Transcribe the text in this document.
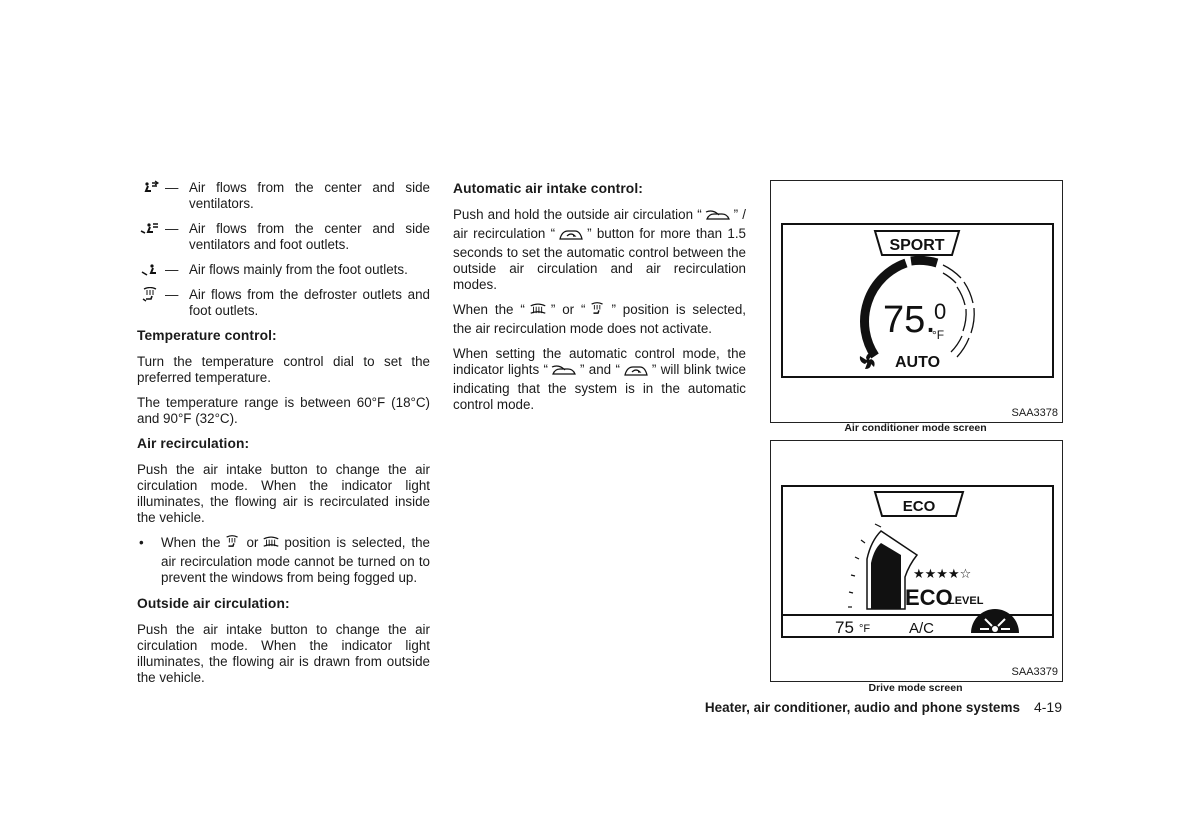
— Air flows from the center and side ventilators.

— Air flows from the center and side ventilators and foot outlets.

— Air flows mainly from the foot outlets.

— Air flows from the defroster outlets and foot outlets.

Temperature control:

Turn the temperature control dial to set the preferred temperature.

The temperature range is between 60°F (18°C) and 90°F (32°C).

Air recirculation:

Push the air intake button to change the air circulation mode. When the indicator light illuminates, the flowing air is recirculated inside the vehicle.

• When the or position is selected, the air recirculation mode cannot be turned on to prevent the windows from being fogged up.

Outside air circulation:

Push the air intake button to change the air circulation mode. When the indicator light illuminates, the flowing air is drawn from outside the vehicle.

Automatic air intake control:

Push and hold the outside air circulation “ ” / air recirculation “ ” button for more than 1.5 seconds to set the automatic control between the outside air circulation and air recirculation modes.

When the “ ” or “ ” position is selected, the air recirculation mode does not activate.

When setting the automatic control mode, the indicator lights “ ” and “ ” will blink twice indicating that the system is in the automatic control mode.

SPORT
75.
0
°F
AUTO
SAA3378
Air conditioner mode screen
ECO
★★★★☆
ECO
LEVEL
75 °F	A/C
SAA3379
Drive mode screen
Heater, air conditioner, audio and phone systems 4-19
